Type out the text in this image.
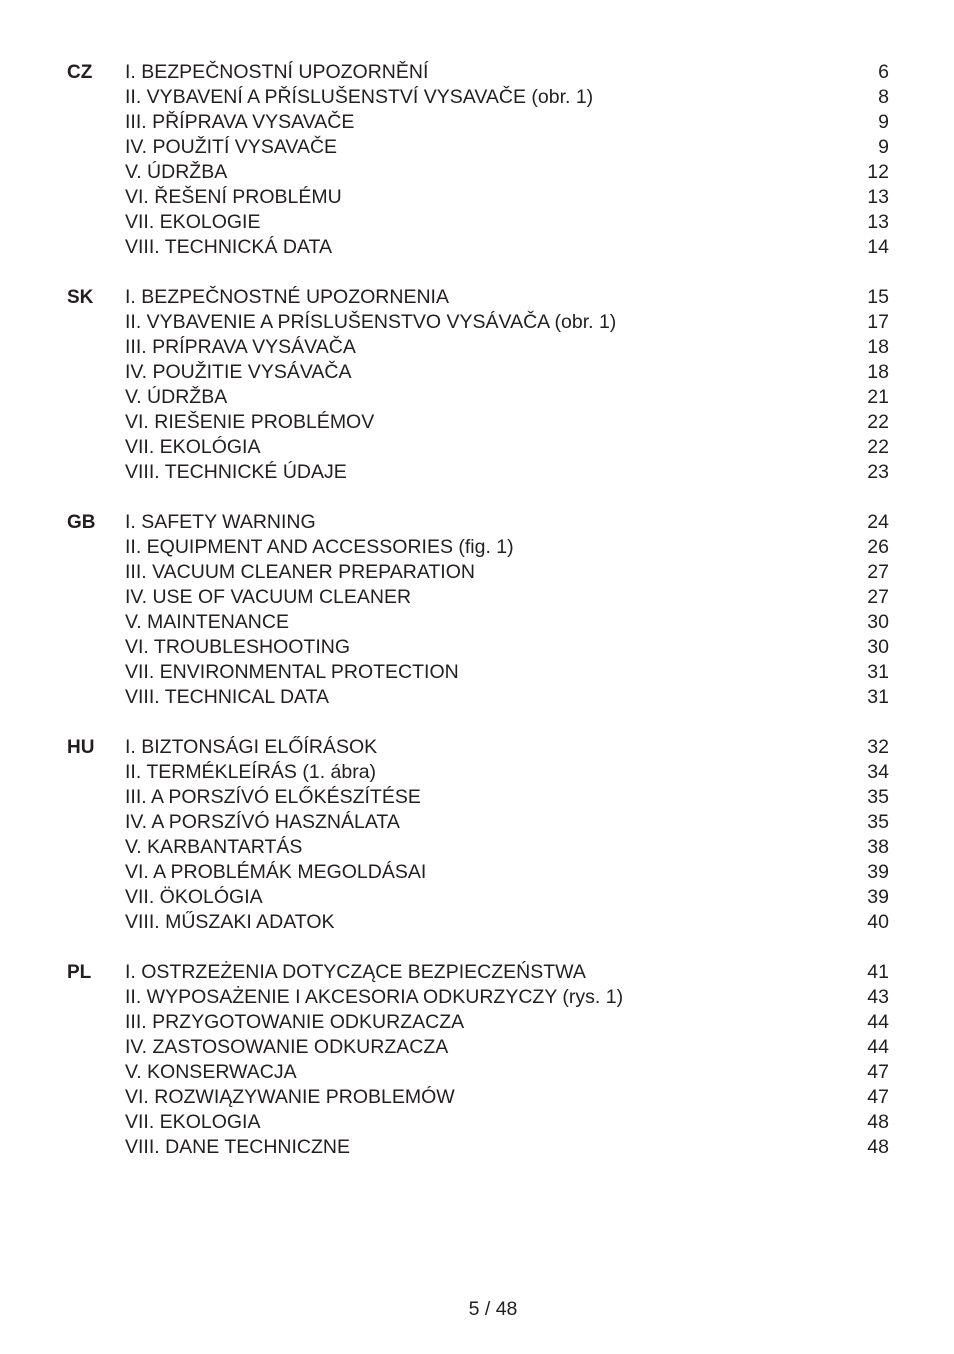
CZ	I. BEZPEČNOSTNÍ UPOZORNĚNÍ	6
II. VYBAVENÍ A PŘÍSLUŠENSTVÍ VYSAVAČE (obr. 1)	8
III. PŘÍPRAVA VYSAVAČE	9
IV. POUŽITÍ VYSAVAČE	9
V. ÚDRŽBA	12
VI. ŘEŠENÍ PROBLÉMU	13
VII. EKOLOGIE	13
VIII. TECHNICKÁ DATA	14
SK	I. BEZPEČNOSTNÉ UPOZORNENIA	15
II. VYBAVENIE A PRÍSLUŠENSTVO VYSÁVAČA (obr. 1)	17
III. PRÍPRAVA VYSÁVAČA	18
IV. POUŽITIE VYSÁVAČA	18
V. ÚDRŽBA	21
VI. RIEŠENIE PROBLÉMOV	22
VII. EKOLÓGIA	22
VIII. TECHNICKÉ ÚDAJE	23
GB	I. SAFETY WARNING	24
II. EQUIPMENT AND ACCESSORIES (fig. 1)	26
III. VACUUM CLEANER PREPARATION	27
IV. USE OF VACUUM CLEANER	27
V. MAINTENANCE	30
VI. TROUBLESHOOTING	30
VII. ENVIRONMENTAL PROTECTION	31
VIII. TECHNICAL DATA	31
HU	I. BIZTONSÁGI ELŐÍRÁSOK	32
II. TERMÉKLEÍRÁS (1. ábra)	34
III. A PORSZÍVÓ ELŐKÉSZÍTÉSE	35
IV. A PORSZÍVÓ HASZNÁLATA	35
V. KARBANTARTÁS	38
VI. A PROBLÉMÁK MEGOLDÁSAI	39
VII. ÖKOLÓGIA	39
VIII. MŰSZAKI ADATOK	40
PL	I. OSTRZEŻENIA DOTYCZĄCE BEZPIECZEŃSTWA	41
II. WYPOSAŻENIE I AKCESORIA ODKURZYCZY (rys. 1)	43
III. PRZYGOTOWANIE ODKURZACZA	44
IV. ZASTOSOWANIE ODKURZACZA	44
V. KONSERWACJA	47
VI. ROZWIĄZYWANIE PROBLEMÓW	47
VII. EKOLOGIA	48
VIII. DANE TECHNICZNE	48
5 / 48
